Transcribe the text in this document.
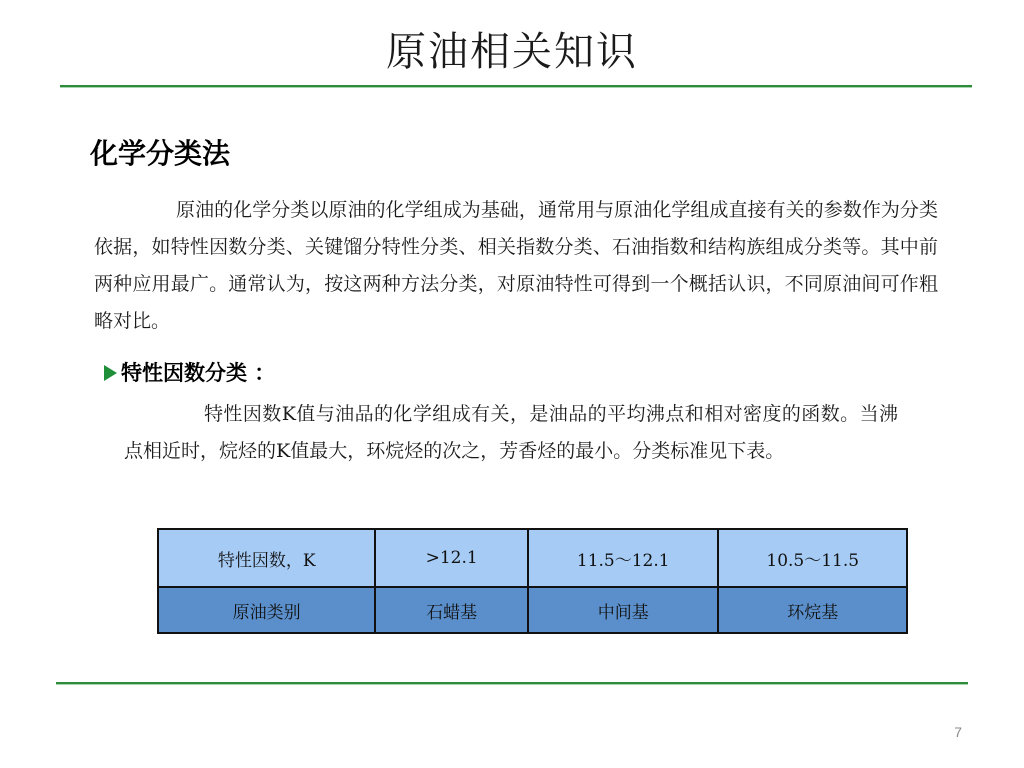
原油相关知识
化学分类法

原油的化学分类以原油的化学组成为基础，通常用与原油化学组成直接有关的参数作为分类依据，如特性因数分类、关键馏分特性分类、相关指数分类、石油指数和结构族组成分类等。其中前两种应用最广。通常认为，按这两种方法分类，对原油特性可得到一个概括认识，不同原油间可作粗略对比。

特性因数分类 ：

特性因数K值与油品的化学组成有关，是油品的平均沸点和相对密度的函数。当沸点相近时，烷烃的K值最大，环烷烃的次之，芳香烃的最小。分类标准见下表。

特性因数，K	>12.1	11.5～12.1	10.5～11.5
原油类别	石蜡基	中间基	环烷基
7
